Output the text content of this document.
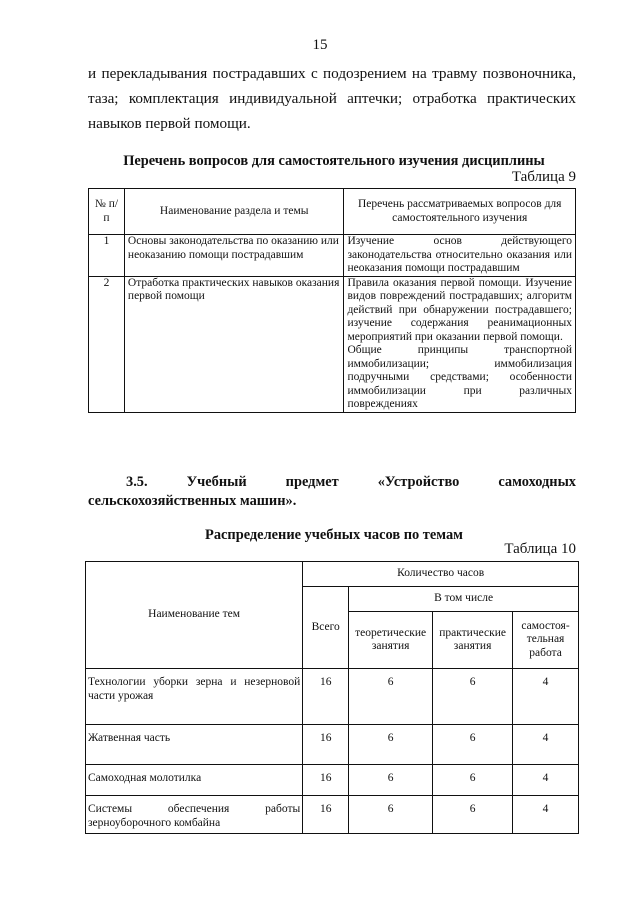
15

и перекладывания пострадавших с подозрением на травму позвоночника,
таза; комплектация индивидуальной аптечки; отработка практических
навыков первой помощи.

Перечень вопросов для самостоятельного изучения дисциплины
Таблица 9
№ п/п	Наименование раздела и темы	Перечень рассматриваемых вопросов для самостоятельного изучения
1	Основы законодательства по оказанию или неоказанию помощи пострадавшим	Изучение основ действующего законодательства относительно оказания или неоказания помощи пострадавшим
2	Отработка практических навыков оказания первой помощи	Правила оказания первой помощи. Изучение видов повреждений пострадавших; алгоритм действий при обнаружении пострадавшего; изучение содержания реанимационных мероприятий при оказании первой помощи.
Общие принципы транспортной иммобилизации; иммобилизация подручными средствами; особенности иммобилизации при различных повреждениях
3.5. Учебный предмет «Устройство самоходных
сельскохозяйственных машин».
Распределение учебных часов по темам
Таблица 10
Наименование тем	Количество часов			
	Всего	В том числе		
		теоретические занятия	практические занятия	самостоя-тельная работа
Технологии уборки зерна и незерновой части урожая	16	6	6	4
Жатвенная часть	16	6	6	4
Самоходная молотилка	16	6	6	4
Системы обеспечения работы зерноуборочного комбайна	16	6	6	4
